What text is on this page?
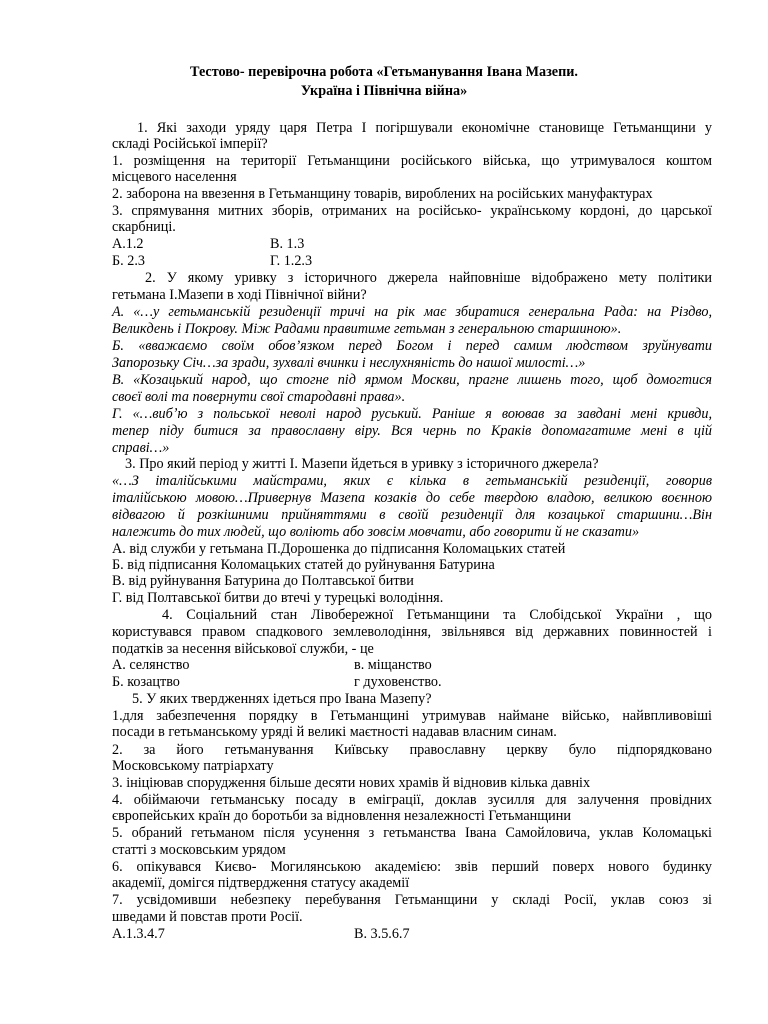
Тестово- перевірочна робота «Гетьманування Івана Мазепи.
Україна і Північна війна»
1. Які заходи уряду царя Петра І погіршували економічне становище Гетьманщини у
складі Російської імперії?
1. розміщення на території Гетьманщини російського війська, що утримувалося коштом
місцевого населення
2. заборона на ввезення в Гетьманщину товарів, вироблених на російських мануфактурах
3. спрямування митних зборів, отриманих на російсько- українському кордоні, до царської
скарбниці.
А.1.2	В. 1.3
Б. 2.3	Г. 1.2.3
2. У якому уривку з історичного джерела найповніше відображено мету політики
гетьмана І.Мазепи в ході Північної війни?
А. «…у гетьманській резиденції тричі на рік має збиратися генеральна Рада: на Різдво,
Великдень і Покрову. Між Радами правитиме гетьман з генеральною старшиною».
Б. «вважаємо своїм обов’язком перед Богом і перед самим людством зруйнувати
Запорозьку Січ…за зради, зухвалі вчинки і неслухняність до нашої милості…»
В. «Козацький народ, що стогне під ярмом Москви, прагне лишень того, щоб домогтися
своєї волі та повернути свої стародавні права».
Г. «…вибʼю з польської неволі народ руський. Раніше я воював за завдані мені кривди,
тепер піду битися за православну віру. Вся чернь по Кракiв допомагатиме мені в цій
справі…»
3. Про який період у житті І. Мазепи йдеться в уривку з історичного джерела?
«…З італійськими майстрами, яких є кілька в гетьманській резиденції, говорив
італійською мовою…Привернув Мазепа козаків до себе твердою владою, великою воєнною
відвагою й розкішними прийняттями в своїй резиденції для козацької старшини…Він
належить до тих людей, що воліють або зовсім мовчати, або говорити й не сказати»
А. від служби у гетьмана П.Дорошенка до підписання Коломацьких статей
Б. від підписання Коломацьких статей до руйнування Батурина
В. від руйнування Батурина до Полтавської битви
Г. від Полтавської битви до втечі у турецькі володіння.
4. Соціальний стан Лівобережної Гетьманщини та Слобідської України , що
користувався правом спадкового землеволодіння, звільнявся від державних повинностей і
податків за несення військової служби, - це
А. селянство	в. міщанство
Б. козацтво	г духовенство.
5. У яких твердженнях ідеться про Івана Мазепу?
1.для забезпечення порядку в Гетьманщині утримував наймане військо, найвпливовіші
посади в гетьманському уряді й великі маєтності надавав власним синам.
2. за його гетьманування Київську православну церкву було підпорядковано
Московському патріархату
3. ініціював спорудження більше десяти нових храмів й відновив кілька давніх
4. обіймаючи гетьманську посаду в еміграції, доклав зусилля для залучення провідних
європейських країн до боротьби за відновлення незалежності Гетьманщини
5. обраний гетьманом після усунення з гетьманства Івана Самойловича, уклав Коломацькі
статті з московським урядом
6. опікувався Києво- Могилянською академією: звів перший поверх нового будинку
академії, домігся підтвердження статусу академії
7. усвідомивши небезпеку перебування Гетьманщини у складі Росії, уклав союз зі
шведами й повстав проти Росії.
А.1.3.4.7	В. 3.5.6.7
